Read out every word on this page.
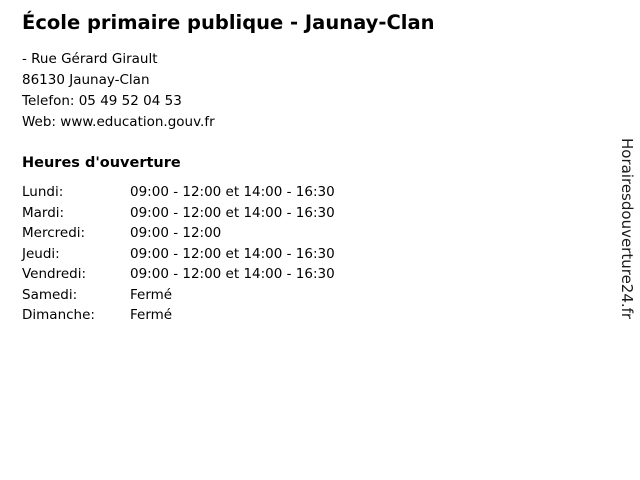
École primaire publique - Jaunay-Clan
- Rue Gérard Girault
86130 Jaunay-Clan
Telefon: 05 49 52 04 53
Web: www.education.gouv.fr
Heures d'ouverture
Lundi:	09:00 - 12:00 et 14:00 - 16:30
Mardi:	09:00 - 12:00 et 14:00 - 16:30
Mercredi:	09:00 - 12:00
Jeudi:	09:00 - 12:00 et 14:00 - 16:30
Vendredi:	09:00 - 12:00 et 14:00 - 16:30
Samedi:	Fermé
Dimanche:	Fermé	Horairesdouverture24.fr
